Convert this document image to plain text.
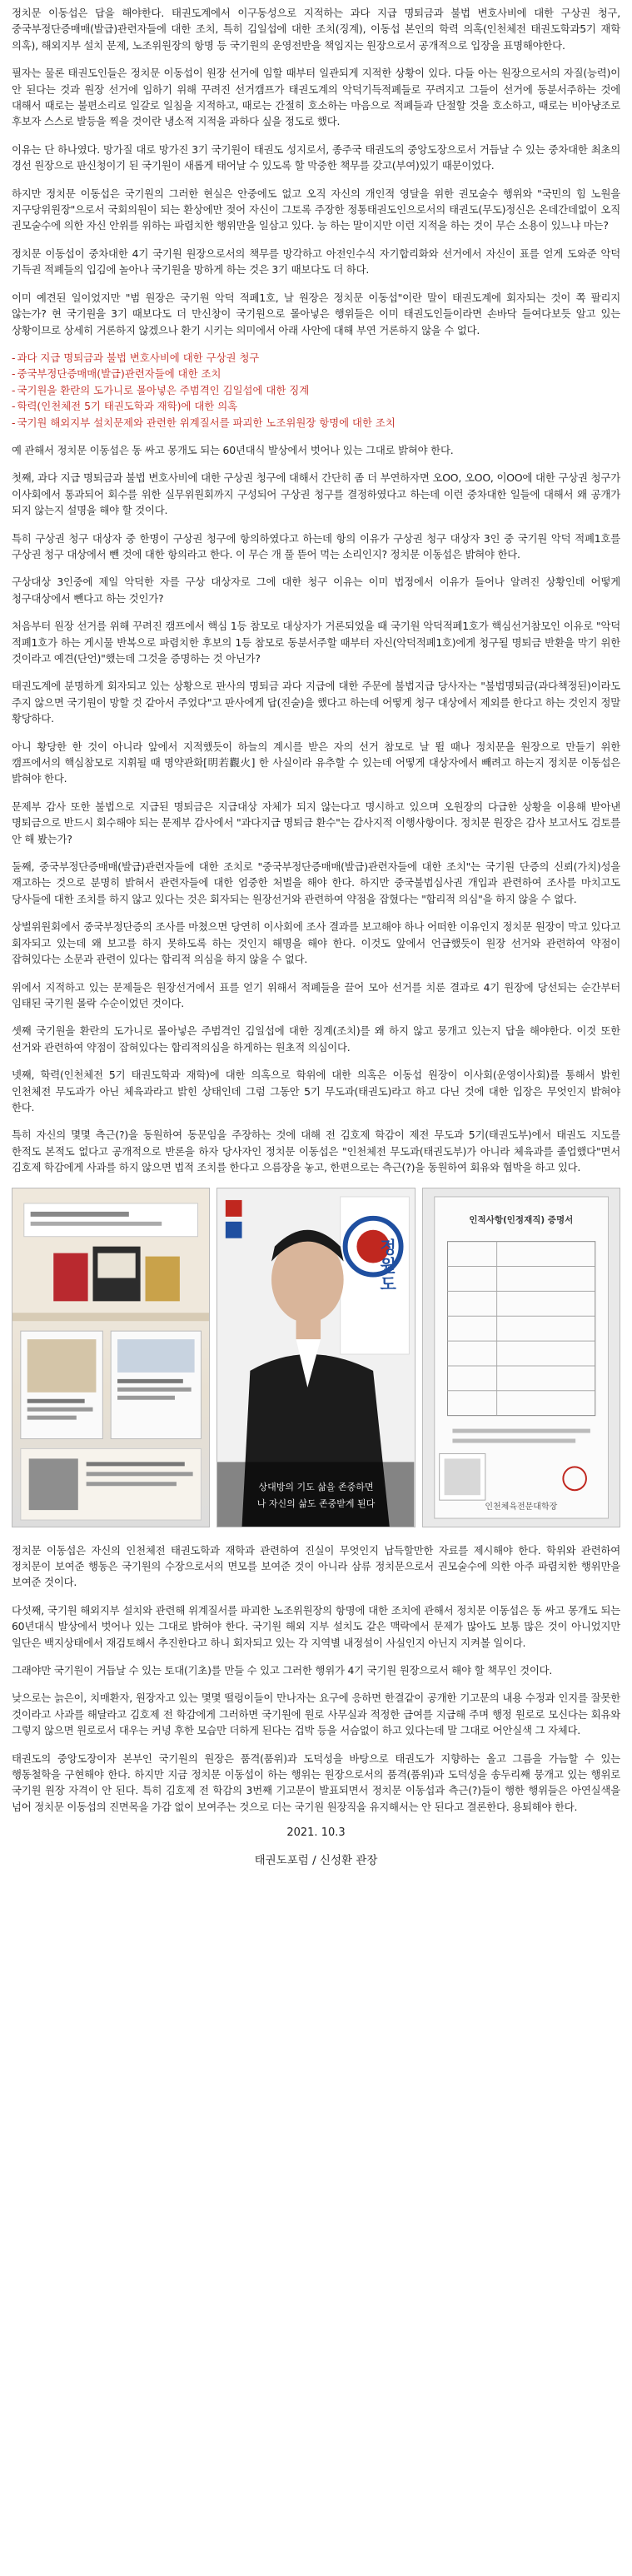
정치문 이동섭은 답을 해야한다. 태권도계에서 이구동성으로 지적하는 과다 지급 명퇴금과 불법 변호사비에 대한 구상권 청구, 중국부정단증매매(발급)관련자들에 대한 조치, 특히 김일섭에 대한 조치(징계), 이동섭 본인의 학력 의혹(인천체전 태권도학과5기 재학 의혹), 해외지부 설치 문제, 노조위원장의 항명 등 국기원의 운영전반을 책임지는 원장으로서 공개적으로 입장을 표명해야한다.

필자는 물론 태권도인들은 정치문 이동섭이 원장 선거에 임할 때부터 일관되게 지적한 상황이 있다. 다들 아는 원장으로서의 자질(능력)이 안 된다는 것과 원장 선거에 임하기 위해 꾸려진 선거캠프가 태권도계의 악덕기득적폐들로 꾸려지고 그들이 선거에 동분서주하는 것에 대해서 때로는 불편소리로 일갈로 일침을 지적하고, 때로는 간절히 호소하는 마음으로 적폐들과 단절할 것을 호소하고, 때로는 비아냥조로 후보자 스스로 발등을 찍을 것이란 냉소적 지적을 과하다 싶을 정도로 했다.

이유는 단 하나였다. 망가질 대로 망가진 3기 국기원이 태권도 성지로서, 종주국 태권도의 중앙도장으로서 거듭날 수 있는 중차대한 최초의 경선 원장으로 판신청이기 된 국기원이 새롭게 태어날 수 있도록 할 막중한 책무를 갖고(부여)있기 때문이었다.

하지만 정치문 이동섭은 국기원의 그러한 현실은 안중에도 없고 오직 자신의 개인적 영달을 위한 권모술수 행위와 "국민의 힘 노원을 지구당위원장"으로서 국회의원이 되는 환상에만 젖어 자신이 그토록 주장한 정통태권도인으로서의 태권도(무도)정신은 온데간데없이 오직 권모술수에 의한 자신 안위를 위하는 파렴치한 행위만을 일삼고 있다. 능 하는 말이지만 이런 지적을 하는 것이 무슨 소용이 있느냐 마는?

정치문 이동섭이 중차대한 4기 국기원 원장으로서의 책무를 망각하고 아전인수식 자기합리화와 선거에서 자신이 표를 얻게 도와준 악덕 기득권 적폐들의 입김에 놀아나 국기원을 망하게 하는 것은 3기 때보다도 더 하다.

이미 예견된 일이었지만 "범 원장은 국기원 악덕 적폐1호, 날 원장은 정치문 이동섭"이란 말이 태권도계에 회자되는 것이 쪽 팔리지 않는가? 현 국기원을 3기 때보다도 더 만신창이 국기원으로 몰아넣은 행위들은 이미 태권도인들이라면 손바닥 들여다보듯 알고 있는 상황이므로 상세히 거론하지 않겠으나 환기 시키는 의미에서 아래 사안에 대해 부연 거론하지 않을 수 없다.

- 과다 지급 명퇴금과 불법 변호사비에 대한 구상권 청구
- 중국부정단증매매(발급)관련자들에 대한 조치
- 국기원을 환란의 도가니로 몰아넣은 주범격인 김일섭에 대한 징계
- 학력(인천체전 5기 태권도학과 재학)에 대한 의혹
- 국기원 해외지부 설치문제와 관련한 위계질서를 파괴한 노조위원장 항명에 대한 조치

예 관해서 정치문 이동섭은 동 싸고 몽개도 되는 60년대식 발상에서 벗어나 있는 그대로 밝혀야 한다.

첫째, 과다 지급 명퇴금과 불법 변호사비에 대한 구상권 청구에 대해서 간단히 좀 더 부연하자면 오OO, 오OO, 이OO에 대한 구상권 청구가 이사회에서 통과되어 회수를 위한 실무위원회까지 구성되어 구상권 청구를 결정하였다고 하는데 이런 중차대한 일들에 대해서 왜 공개가 되지 않는지 설명을 해야 할 것이다.

특히 구상권 청구 대상자 중 한명이 구상권 청구에 항의하였다고 하는데 항의 이유가 구상권 청구 대상자 3인 중 국기원 악덕 적폐1호를 구상권 청구 대상에서 뺀 것에 대한 항의라고 한다. 이 무슨 개 풀 뜯어 먹는 소리인지? 정치문 이동섭은 밝혀야 한다.

구상대상 3인중에 제일 악덕한 자를 구상 대상자로 그에 대한 청구 이유는 이미 법정에서 이유가 들어나 알려진 상황인데 어떻게 청구대상에서 뺀다고 하는 것인가?

처음부터 원장 선거를 위해 꾸려진 캠프에서 핵심 1등 참모로 대상자가 거론되었을 때 국기원 악덕적폐1호가 핵심선거참모인 이유로 "악덕 적폐1호가 하는 게시물 반복으로 파렴치한 후보의 1등 참모로 동분서주할 때부터 자신(악덕적폐1호)에게 청구될 명퇴금 반환을 막기 위한 것이라고 예견(단언)"했는데 그것을 증명하는 것 아닌가?

태권도계에 분명하게 회자되고 있는 상황으로 판사의 명퇴금 과다 지급에 대한 주문에 불법지급 당사자는 "불법명퇴금(과다책정된)이라도 주지 않으면 국기원이 망할 것 같아서 주었다"고 판사에게 답(진술)을 했다고 하는데 어떻게 청구 대상에서 제외를 한다고 하는 것인지 정말 황당하다.

아니 황당한 한 것이 아니라 앞에서 지적했듯이 하늘의 계시를 받은 자의 선거 참모로 날 뛸 때나 정치문을 원장으로 만들기 위한 캠프에서의 핵심참모로 지휘될 때 명약관화[明若觀火] 한 사실이라 유추할 수 있는데 어떻게 대상자에서 빼려고 하는지 정치문 이동섭은 밝혀야 한다.

문제부 감사 또한 불법으로 지급된 명퇴금은 지급대상 자체가 되지 않는다고 명시하고 있으며 오원장의 다급한 상황을 이용해 받아낸 명퇴금으로 반드시 회수해야 되는 문제부 감사에서 "과다지급 명퇴금 환수"는 감사지적 이행사항이다. 정치문 원장은 감사 보고서도 검토를 안 해 봤는가?

둘째, 중국부정단증매매(발급)관련자들에 대한 조치로 "중국부정단증매매(발급)관련자들에 대한 조치"는 국기원 단증의 신뢰(가치)성을 재고하는 것으로 분명히 밝혀서 관련자들에 대한 엄중한 처벌을 해야 한다. 하지만 중국불법심사권 개입과 관련하여 조사를 마치고도 당사들에 대한 조치를 하지 않고 있다는 것은 회자되는 원장선거와 관련하여 약점을 잡혔다는 "합리적 의심"을 하지 않을 수 없다.

상벌위원회에서 중국부정단증의 조사를 마쳤으면 당연히 이사회에 조사 결과를 보고해야 하나 어떠한 이유인지 정치문 원장이 막고 있다고 회자되고 있는데 왜 보고를 하지 못하도록 하는 것인지 해명을 해야 한다. 이것도 앞에서 언급했듯이 원장 선거와 관련하여 약점이 잡혀있다는 소문과 관련이 있다는 합리적 의심을 하지 않을 수 없다.

위에서 지적하고 있는 문제들은 원장선거에서 표를 얻기 위해서 적폐들을 끌어 모아 선거를 치룬 결과로 4기 원장에 당선되는 순간부터 임태된 국기원 몰락 수순이었던 것이다.

셋째 국기원을 환란의 도가니로 몰아넣은 주범격인 김일섭에 대한 징계(조치)를 왜 하지 않고 뭉개고 있는지 답을 해야한다. 이것 또한 선거와 관련하여 약점이 잡혀있다는 합리적의심을 하게하는 원초적 의심이다.

넷째, 학력(인천체전 5기 태권도학과 재학)에 대한 의혹으로 학위에 대한 의혹은 이동섭 원장이 이사회(운영이사회)를 통해서 밝힌 인천체전 무도과가 아닌 체육과라고 밝힌 상태인데 그럼 그동안 5기 무도과(태권도)라고 하고 다닌 것에 대한 입장은 무엇인지 밝혀야 한다.

특히 자신의 몇몇 측근(?)을 동원하여 동문임을 주장하는 것에 대해 전 김호제 학감이 제전 무도과 5기(태권도부)에서 태권도 지도를 한적도 본적도 없다고 공개적으로 반론을 하자 당사자인 정치문 이동섭은 "인천체전 무도과(태권도부)가 아니라 체육과를 졸업했다"면서 김호제 학감에게 사과를 하지 않으면 법적 조치를 한다고 으름장을 놓고, 한편으로는 측근(?)을 동원하여 회유와 협박을 하고 있다.

정원도
상대방의 기도 삶을 존중하면
나 자신의 삶도 존중받게 된다
인적사항(인정재직) 증명서
인천체육전문대학장

정치문 이동섭은 자신의 인천체전 태권도학과 재학과 관련하여 진실이 무엇인지 납득할만한 자료를 제시해야 한다. 학위와 관련하여 정치문이 보여준 행동은 국기원의 수장으로서의 면모를 보여준 것이 아니라 삼류 정치문으로서 권모술수에 의한 아주 파렴치한 행위만을 보여준 것이다.

다섯째, 국기원 해외지부 설치와 관련해 위계질서를 파괴한 노조위원장의 항명에 대한 조치에 관해서 정치문 이동섭은 동 싸고 몽개도 되는 60년대식 발상에서 벗어나 있는 그대로 밝혀야 한다. 국기원 해외 지부 설치도 같은 맥락에서 문제가 많아도 보통 많은 것이 아니었지만 일단은 백지상태에서 재검토해서 추진한다고 하니 회자되고 있는 각 지역별 내정설이 사실인지 아닌지 지켜볼 일이다.

그래야만 국기원이 거듭날 수 있는 토대(기초)를 만들 수 있고 그러한 행위가 4기 국기원 원장으로서 해야 할 책무인 것이다.

낮으로는 늙은이, 치매환자, 원장자고 있는 몇몇 떨렁이들이 만나자는 요구에 응하면 한결같이 공개한 기고문의 내용 수정과 인지를 잘못한 것이라고 사과를 해달라고 김호제 전 학감에게 그러하면 국기원에 원로 사무실과 적정한 급여를 지급해 주며 행정 원로로 모신다는 회유와 그렇지 않으면 원로로서 대우는 커녕 후한 모습만 더하게 된다는 겁박 등을 서슴없이 하고 있다는데 말 그대로 어안실색 그 자체다.

태권도의 중앙도장이자 본부인 국기원의 원장은 품격(품위)과 도덕성을 바탕으로 태권도가 지향하는 올고 그름을 가늠할 수 있는 행동철학을 구현해야 한다. 하지만 지금 정치문 이동섭이 하는 행위는 원장으로서의 품격(품위)과 도덕성을 송두리째 뭉개고 있는 행위로 국기원 원장 자격이 안 된다. 특히 김호제 전 학감의 3번째 기고문이 발표되면서 정치문 이동섭과 측근(?)들이 행한 행위들은 아연실색을 넘어 정치문 이동섭의 진면목을 가감 없이 보여주는 것으로 더는 국기원 원장직을 유지해서는 안 된다고 결론한다. 용퇴해야 한다.

2021. 10.3
태권도포럼 / 신성환 관장
